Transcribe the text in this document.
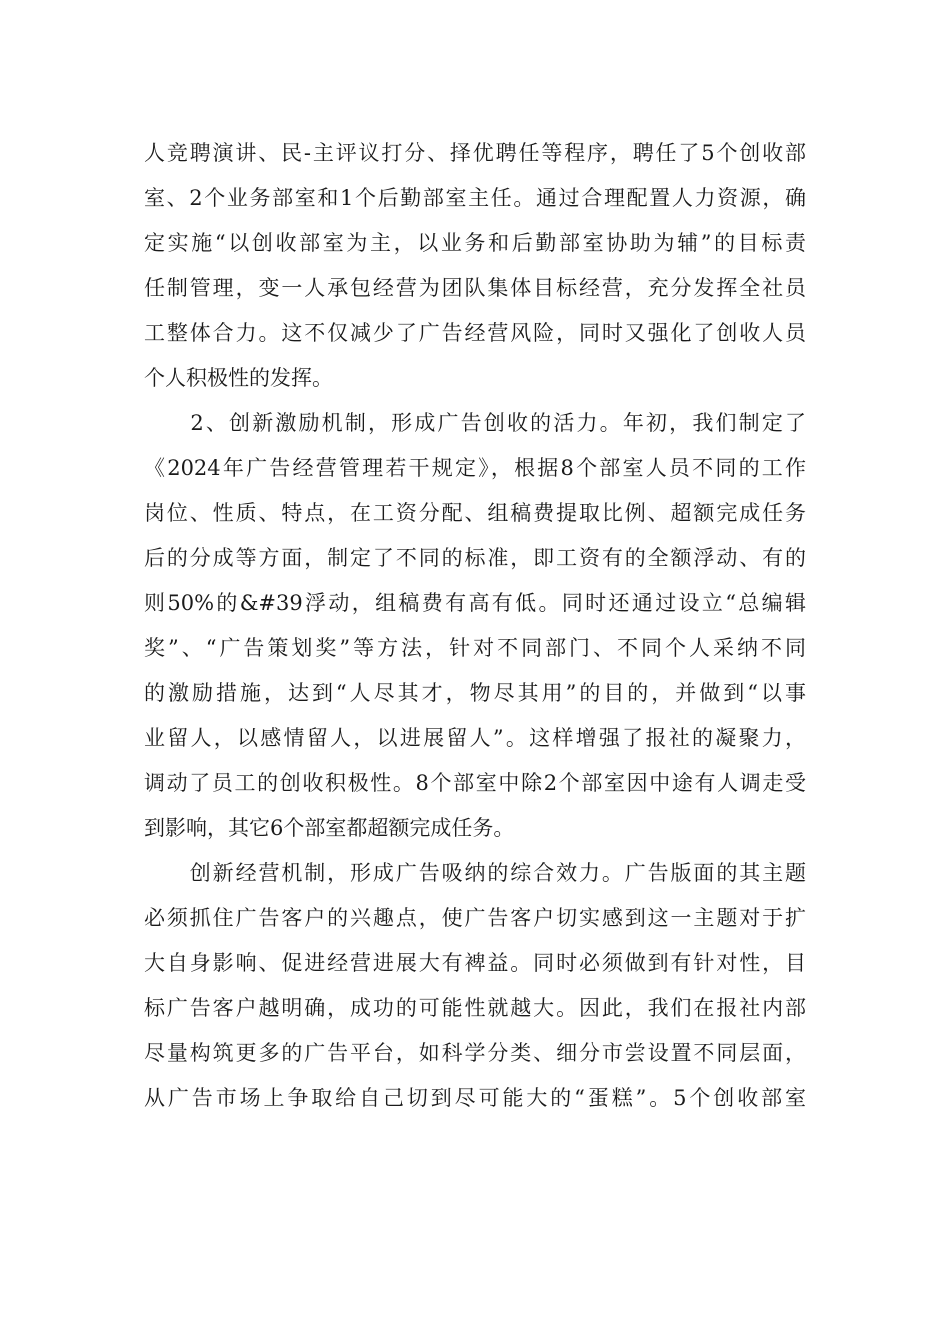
人竞聘演讲、民-主评议打分、择优聘任等程序，聘任了5个创收部
室、2个业务部室和1个后勤部室主任。通过合理配置人力资源，确
定实施“以创收部室为主，以业务和后勤部室协助为辅”的目标责
任制管理，变一人承包经营为团队集体目标经营，充分发挥全社员
工整体合力。这不仅减少了广告经营风险，同时又强化了创收人员
个人积极性的发挥。
　　2、创新激励机制，形成广告创收的活力。年初，我们制定了
《2024年广告经营管理若干规定》，根据8个部室人员不同的工作
岗位、性质、特点，在工资分配、组稿费提取比例、超额完成任务
后的分成等方面，制定了不同的标准，即工资有的全额浮动、有的
则50%的&#39浮动，组稿费有高有低。同时还通过设立“总编辑
奖”、“广告策划奖”等方法，针对不同部门、不同个人采纳不同
的激励措施，达到“人尽其才，物尽其用”的目的，并做到“以事
业留人，以感情留人，以进展留人”。这样增强了报社的凝聚力，
调动了员工的创收积极性。8个部室中除2个部室因中途有人调走受
到影响，其它6个部室都超额完成任务。
　　创新经营机制，形成广告吸纳的综合效力。广告版面的其主题
必须抓住广告客户的兴趣点，使广告客户切实感到这一主题对于扩
大自身影响、促进经营进展大有裨益。同时必须做到有针对性，目
标广告客户越明确，成功的可能性就越大。因此，我们在报社内部
尽量构筑更多的广告平台，如科学分类、细分市尝设置不同层面，
从广告市场上争取给自己切到尽可能大的“蛋糕”。5个创收部室
